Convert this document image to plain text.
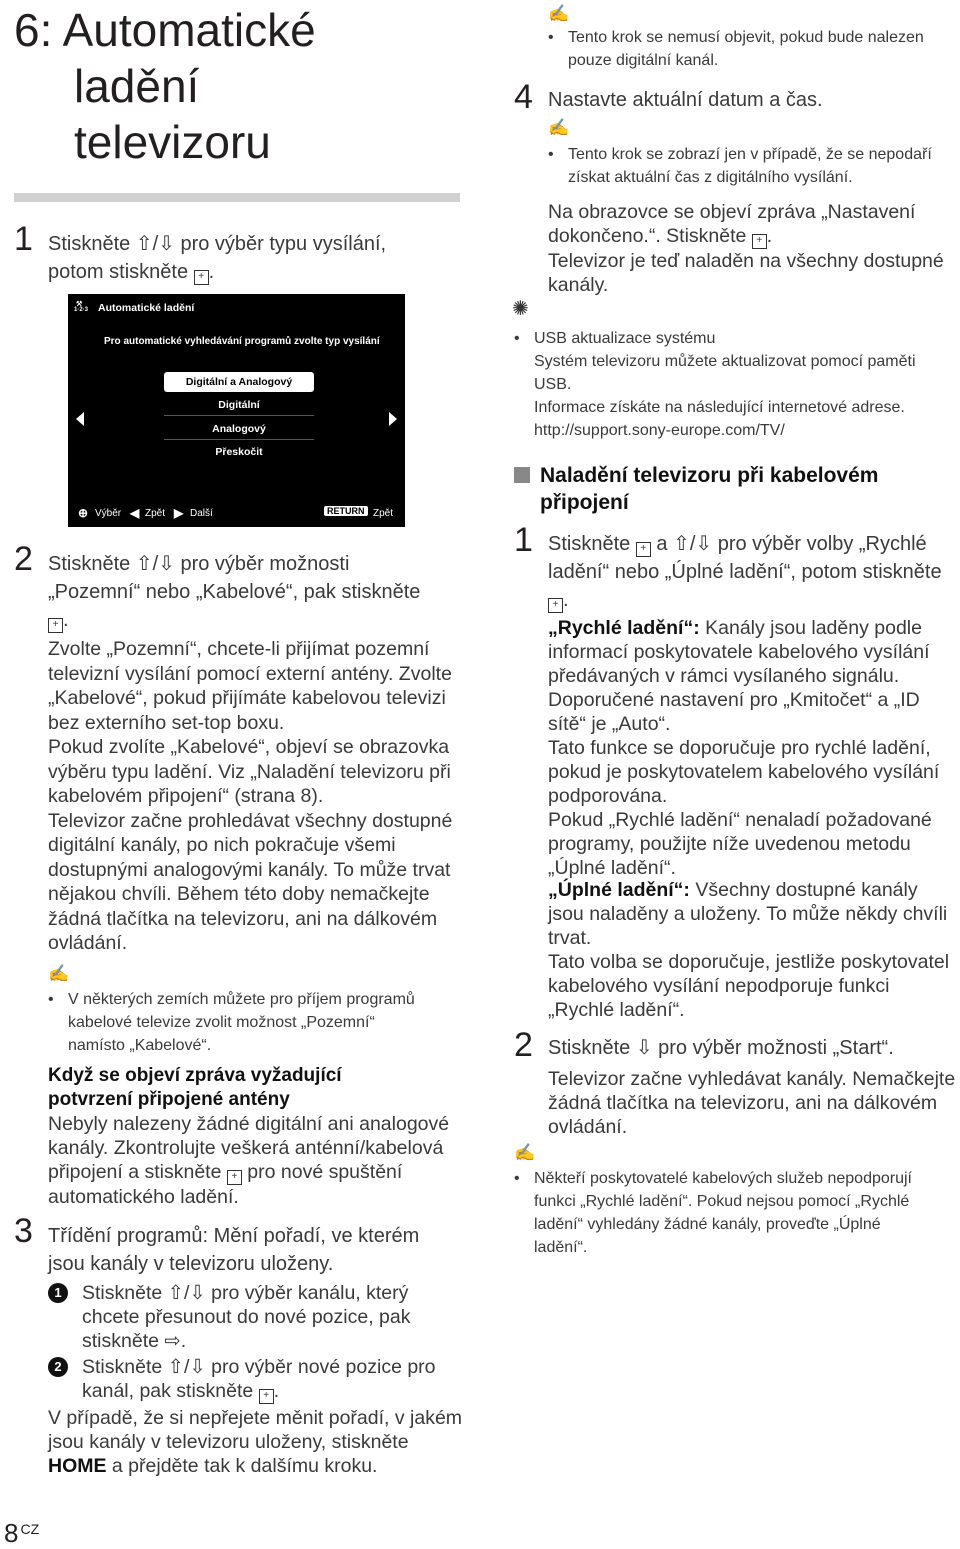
6: Automatické
ladění
televizoru
1 Stiskněte ⇧/⇩ pro výběr typu vysílání,
potom stiskněte + .
⚒
1·2·3 Automatické ladění
Pro automatické vyhledávání programů zvolte typ vysílání
Digitální a Analogový
Digitální
Analogový
Přeskočit
⊕ Výběr ◀ Zpět ▶ Další	RETURN Zpět
2 Stiskněte ⇧/⇩ pro výběr možnosti
„Pozemní“ nebo „Kabelové“, pak stiskněte
+ .
Zvolte „Pozemní“, chcete-li přijímat pozemní
televizní vysílání pomocí externí antény. Zvolte
„Kabelové“, pokud přijímáte kabelovou televizi
bez externího set-top boxu.
Pokud zvolíte „Kabelové“, objeví se obrazovka
výběru typu ladění. Viz „Naladění televizoru při
kabelovém připojení“ (strana 8).
Televizor začne prohledávat všechny dostupné
digitální kanály, po nich pokračuje všemi
dostupnými analogovými kanály. To může trvat
nějakou chvíli. Během této doby nemačkejte
žádná tlačítka na televizoru, ani na dálkovém
ovládání.
✍
• V některých zemích můžete pro příjem programů
kabelové televize zvolit možnost „Pozemní“
namísto „Kabelové“.
Když se objeví zpráva vyžadující
potvrzení připojené antény
Nebyly nalezeny žádné digitální ani analogové
kanály. Zkontrolujte veškerá anténní/kabelová
připojení a stiskněte + pro nové spuštění
automatického ladění.
3 Třídění programů: Mění pořadí, ve kterém
jsou kanály v televizoru uloženy.
1	Stiskněte ⇧/⇩ pro výběr kanálu, který
chcete přesunout do nové pozice, pak
stiskněte ⇨.
2	Stiskněte ⇧/⇩ pro výběr nové pozice pro
kanál, pak stiskněte + .
V případě, že si nepřejete měnit pořadí, v jakém
jsou kanály v televizoru uloženy, stiskněte
HOME a přejděte tak k dalšímu kroku.
8 $^{CZ}$
✍
• Tento krok se nemusí objevit, pokud bude nalezen
pouze digitální kanál.
4 Nastavte aktuální datum a čas.
✍
• Tento krok se zobrazí jen v případě, že se nepodaří
získat aktuální čas z digitálního vysílání.
Na obrazovce se objeví zpráva „Nastavení
dokončeno.“. Stiskněte + .
Televizor je teď naladěn na všechny dostupné
kanály.
✺
• USB aktualizace systému
Systém televizoru můžete aktualizovat pomocí paměti
USB.
Informace získáte na následující internetové adrese.
http://support.sony-europe.com/TV/
Naladění televizoru při kabelovém
připojení
1 Stiskněte + a ⇧/⇩ pro výběr volby „Rychlé
ladění“ nebo „Úplné ladění“, potom stiskněte
+ .
„Rychlé ladění“: Kanály jsou laděny podle
informací poskytovatele kabelového vysílání
předávaných v rámci vysílaného signálu.
Doporučené nastavení pro „Kmitočet“ a „ID
sítě“ je „Auto“.
Tato funkce se doporučuje pro rychlé ladění,
pokud je poskytovatelem kabelového vysílání
podporována.
Pokud „Rychlé ladění“ nenaladí požadované
programy, použijte níže uvedenou metodu
„Úplné ladění“.
„Úplné ladění“: Všechny dostupné kanály
jsou naladěny a uloženy. To může někdy chvíli
trvat.
Tato volba se doporučuje, jestliže poskytovatel
kabelového vysílání nepodporuje funkci
„Rychlé ladění“.
2 Stiskněte ⇩ pro výběr možnosti „Start“.
Televizor začne vyhledávat kanály. Nemačkejte
žádná tlačítka na televizoru, ani na dálkovém
ovládání.
✍
• Někteří poskytovatelé kabelových služeb nepodporují
funkci „Rychlé ladění“. Pokud nejsou pomocí „Rychlé
ladění“ vyhledány žádné kanály, proveďte „Úplné
ladění“.
